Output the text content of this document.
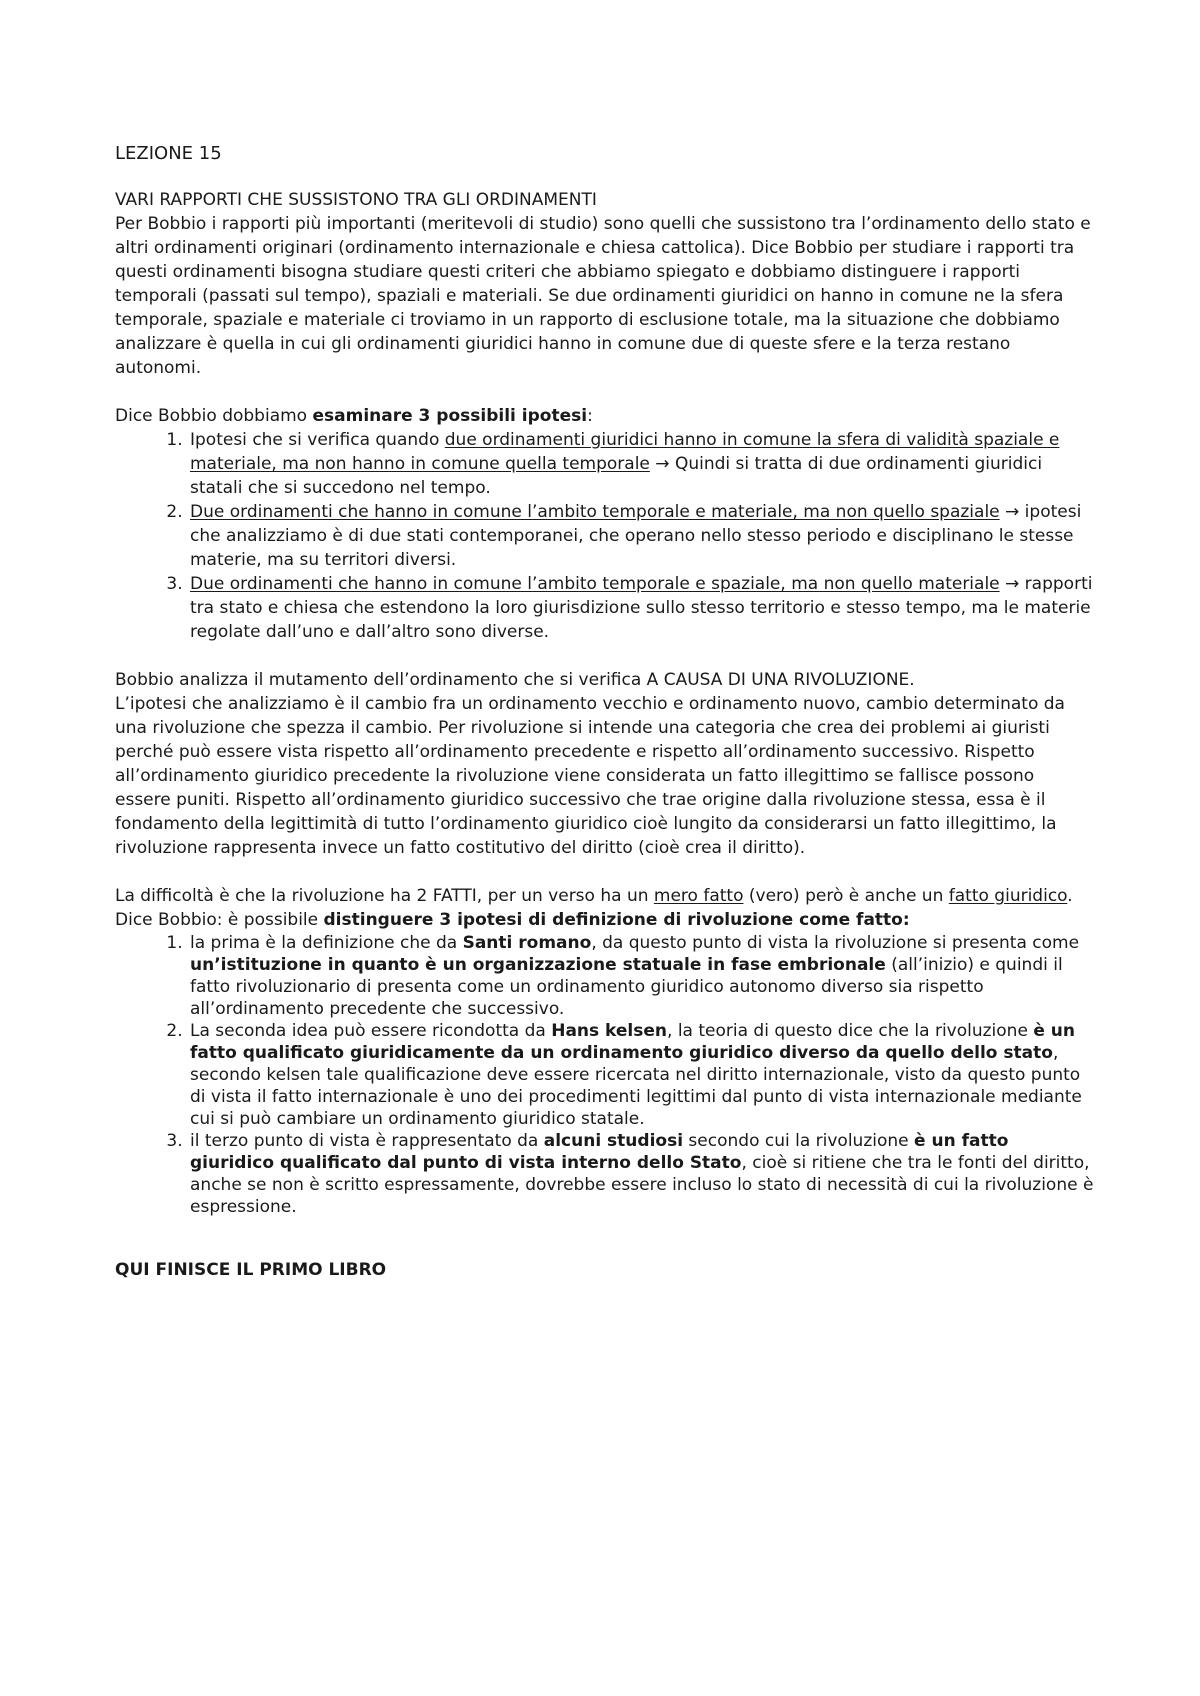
LEZIONE 15

VARI RAPPORTI CHE SUSSISTONO TRA GLI ORDINAMENTI

Per Bobbio i rapporti più importanti (meritevoli di studio) sono quelli che sussistono tra l’ordinamento dello stato e altri ordinamenti originari (ordinamento internazionale e chiesa cattolica). Dice Bobbio per studiare i rapporti tra questi ordinamenti bisogna studiare questi criteri che abbiamo spiegato e dobbiamo distinguere i rapporti temporali (passati sul tempo), spaziali e materiali. Se due ordinamenti giuridici on hanno in comune ne la sfera temporale, spaziale e materiale ci troviamo in un rapporto di esclusione totale, ma la situazione che dobbiamo analizzare è quella in cui gli ordinamenti giuridici hanno in comune due di queste sfere e la terza restano autonomi.

Dice Bobbio dobbiamo esaminare 3 possibili ipotesi:

1. Ipotesi che si verifica quando due ordinamenti giuridici hanno in comune la sfera di validità spaziale e materiale, ma non hanno in comune quella temporale → Quindi si tratta di due ordinamenti giuridici statali che si succedono nel tempo.
2. Due ordinamenti che hanno in comune l’ambito temporale e materiale, ma non quello spaziale → ipotesi che analizziamo è di due stati contemporanei, che operano nello stesso periodo e disciplinano le stesse materie, ma su territori diversi.
3. Due ordinamenti che hanno in comune l’ambito temporale e spaziale, ma non quello materiale → rapporti tra stato e chiesa che estendono la loro giurisdizione sullo stesso territorio e stesso tempo, ma le materie regolate dall’uno e dall’altro sono diverse.

Bobbio analizza il mutamento dell’ordinamento che si verifica A CAUSA DI UNA RIVOLUZIONE.

L’ipotesi che analizziamo è il cambio fra un ordinamento vecchio e ordinamento nuovo, cambio determinato da una rivoluzione che spezza il cambio. Per rivoluzione si intende una categoria che crea dei problemi ai giuristi perché può essere vista rispetto all’ordinamento precedente e rispetto all’ordinamento successivo. Rispetto all’ordinamento giuridico precedente la rivoluzione viene considerata un fatto illegittimo se fallisce possono essere puniti. Rispetto all’ordinamento giuridico successivo che trae origine dalla rivoluzione stessa, essa è il fondamento della legittimità di tutto l’ordinamento giuridico cioè lungito da considerarsi un fatto illegittimo, la rivoluzione rappresenta invece un fatto costitutivo del diritto (cioè crea il diritto).

La difficoltà è che la rivoluzione ha 2 FATTI, per un verso ha un mero fatto (vero) però è anche un fatto giuridico.

Dice Bobbio: è possibile distinguere 3 ipotesi di definizione di rivoluzione come fatto:

1. la prima è la definizione che da Santi romano, da questo punto di vista la rivoluzione si presenta come un’istituzione in quanto è un organizzazione statuale in fase embrionale (all’inizio) e quindi il fatto rivoluzionario di presenta come un ordinamento giuridico autonomo diverso sia rispetto all’ordinamento precedente che successivo.
2. La seconda idea può essere ricondotta da Hans kelsen, la teoria di questo dice che la rivoluzione è un fatto qualificato giuridicamente da un ordinamento giuridico diverso da quello dello stato, secondo kelsen tale qualificazione deve essere ricercata nel diritto internazionale, visto da questo punto di vista il fatto internazionale è uno dei procedimenti legittimi dal punto di vista internazionale mediante cui si può cambiare un ordinamento giuridico statale.
3. il terzo punto di vista è rappresentato da alcuni studiosi secondo cui la rivoluzione è un fatto giuridico qualificato dal punto di vista interno dello Stato, cioè si ritiene che tra le fonti del diritto, anche se non è scritto espressamente, dovrebbe essere incluso lo stato di necessità di cui la rivoluzione è espressione.

QUI FINISCE IL PRIMO LIBRO
